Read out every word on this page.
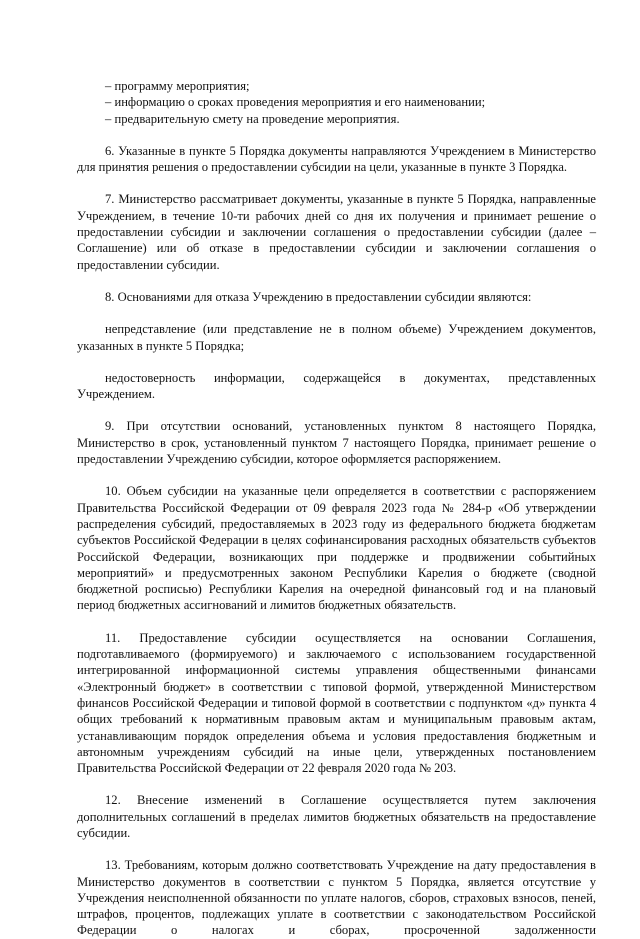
– программу мероприятия;
– информацию о сроках проведения мероприятия и его наименовании;
– предварительную смету на проведение мероприятия.

6. Указанные в пункте 5 Порядка документы направляются Учреждением в Министерство для принятия решения о предоставлении субсидии на цели, указанные в пункте 3 Порядка.

7. Министерство рассматривает документы, указанные в пункте 5 Порядка, направленные Учреждением, в течение 10-ти рабочих дней со дня их получения и принимает решение о предоставлении субсидии и заключении соглашения о предоставлении субсидии (далее – Соглашение) или об отказе в предоставлении субсидии и заключении соглашения о предоставлении субсидии.

8. Основаниями для отказа Учреждению в предоставлении субсидии являются:

непредставление (или представление не в полном объеме) Учреждением документов, указанных в пункте 5 Порядка;

недостоверность информации, содержащейся в документах, представленных Учреждением.

9. При отсутствии оснований, установленных пунктом 8 настоящего Порядка, Министерство в срок, установленный пунктом 7 настоящего Порядка, принимает решение о предоставлении Учреждению субсидии, которое оформляется распоряжением.

10. Объем субсидии на указанные цели определяется в соответствии с распоряжением Правительства Российской Федерации от 09 февраля 2023 года № 284-р «Об утверждении распределения субсидий, предоставляемых в 2023 году из федерального бюджета бюджетам субъектов Российской Федерации в целях софинансирования расходных обязательств субъектов Российской Федерации, возникающих при поддержке и продвижении событийных мероприятий» и предусмотренных законом Республики Карелия о бюджете (сводной бюджетной росписью) Республики Карелия на очередной финансовый год и на плановый период бюджетных ассигнований и лимитов бюджетных обязательств.

11. Предоставление субсидии осуществляется на основании Соглашения, подготавливаемого (формируемого) и заключаемого с использованием государственной интегрированной информационной системы управления общественными финансами «Электронный бюджет» в соответствии с типовой формой, утвержденной Министерством финансов Российской Федерации и типовой формой в соответствии с подпунктом «д» пункта 4 общих требований к нормативным правовым актам и муниципальным правовым актам, устанавливающим порядок определения объема и условия предоставления бюджетным и автономным учреждениям субсидий на иные цели, утвержденных постановлением Правительства Российской Федерации от 22 февраля 2020 года № 203.

12. Внесение изменений в Соглашение осуществляется путем заключения дополнительных соглашений в пределах лимитов бюджетных обязательств на предоставление субсидии.

13. Требованиям, которым должно соответствовать Учреждение на дату предоставления в Министерство документов в соответствии с пунктом 5 Порядка, является отсутствие у Учреждения неисполненной обязанности по уплате налогов, сборов, страховых взносов, пеней, штрафов, процентов, подлежащих уплате в соответствии с законодательством Российской Федерации о налогах и сборах, просроченной задолженности
